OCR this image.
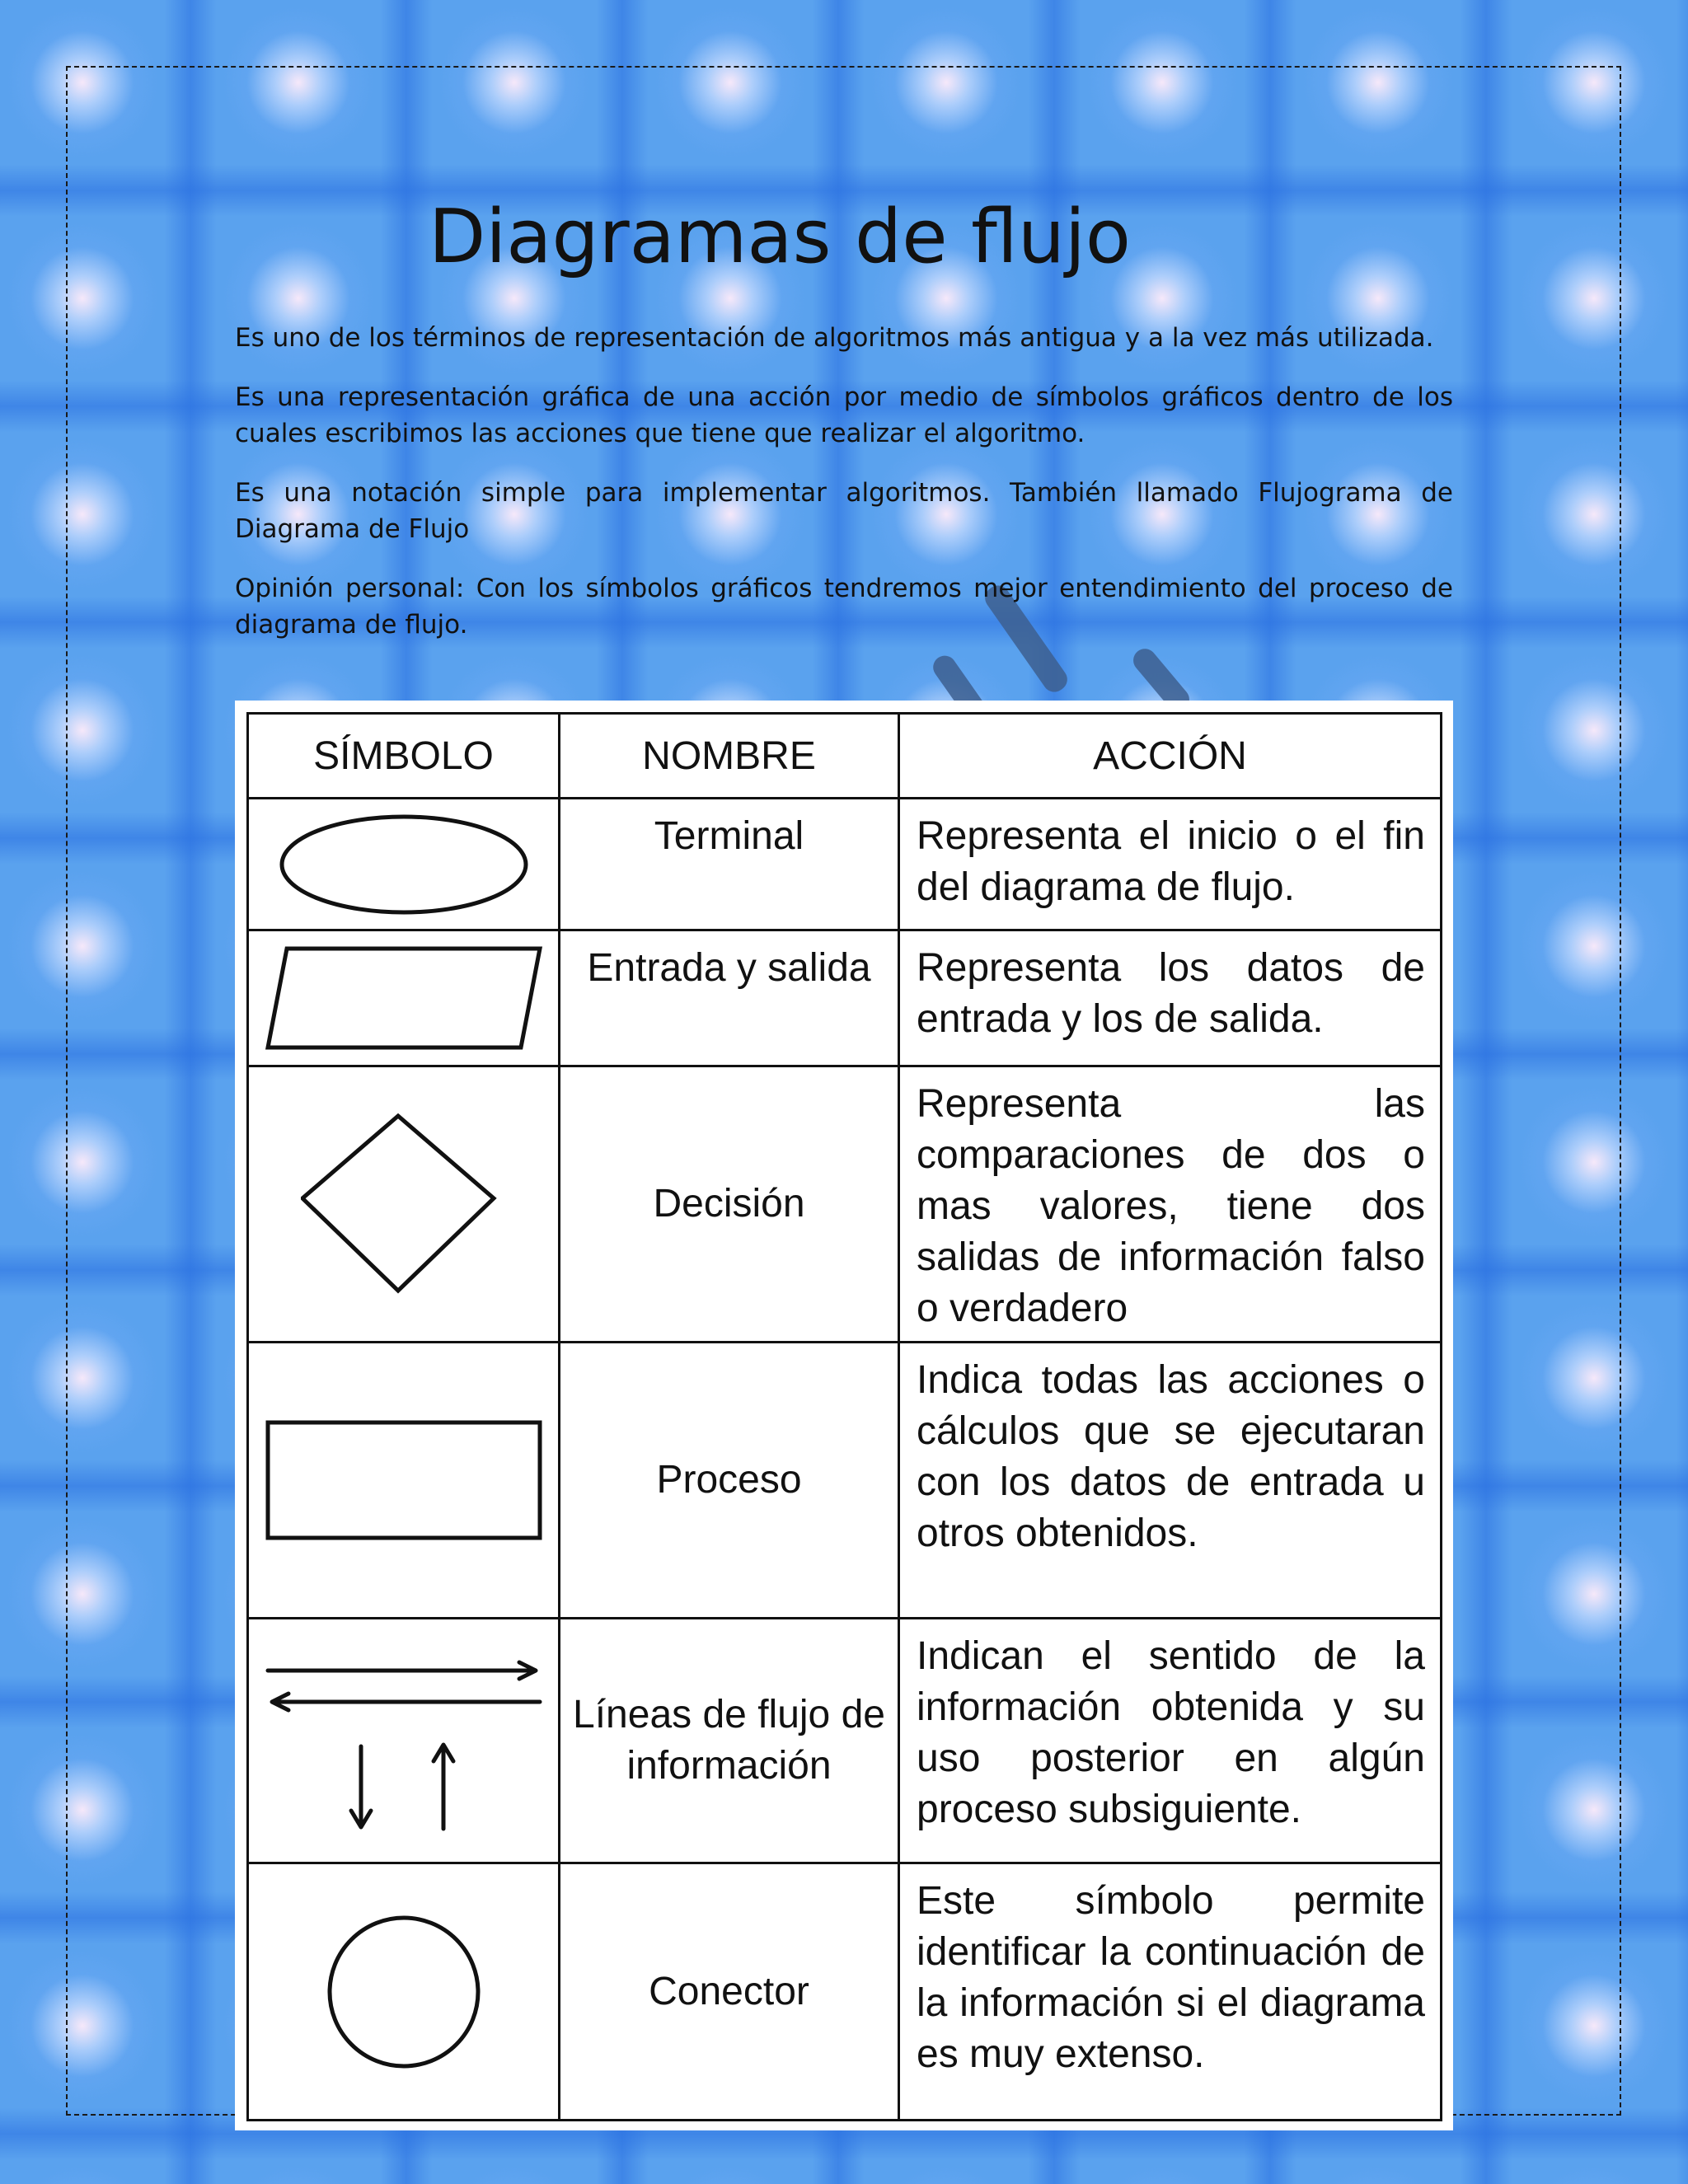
Diagramas de flujo

Es uno de los términos de representación de algoritmos más antigua y a la vez más utilizada.

Es una representación gráfica de una acción por medio de símbolos gráficos dentro de los cuales escribimos las acciones que tiene que realizar el algoritmo.

Es una notación simple para implementar algoritmos. También llamado Flujograma de Diagrama de Flujo

Opinión personal: Con los símbolos gráficos tendremos mejor entendimiento del proceso de diagrama de flujo.

SÍMBOLO	NOMBRE	ACCIÓN

	Terminal	Representa el inicio o el fin del diagrama de flujo.

	Entrada y salida	Representa los datos de entrada y los de salida.

	Decisión	Representa las comparaciones de dos o mas valores, tiene dos salidas de información falso o verdadero

	Proceso	Indica todas las acciones o cálculos que se ejecutaran con los datos de entrada u otros obtenidos.

	Líneas de flujo de información	Indican el sentido de la información obtenida y su uso posterior en algún proceso subsiguiente.

	Conector	Este símbolo permite identificar la continuación de la información si el diagrama es muy extenso.
